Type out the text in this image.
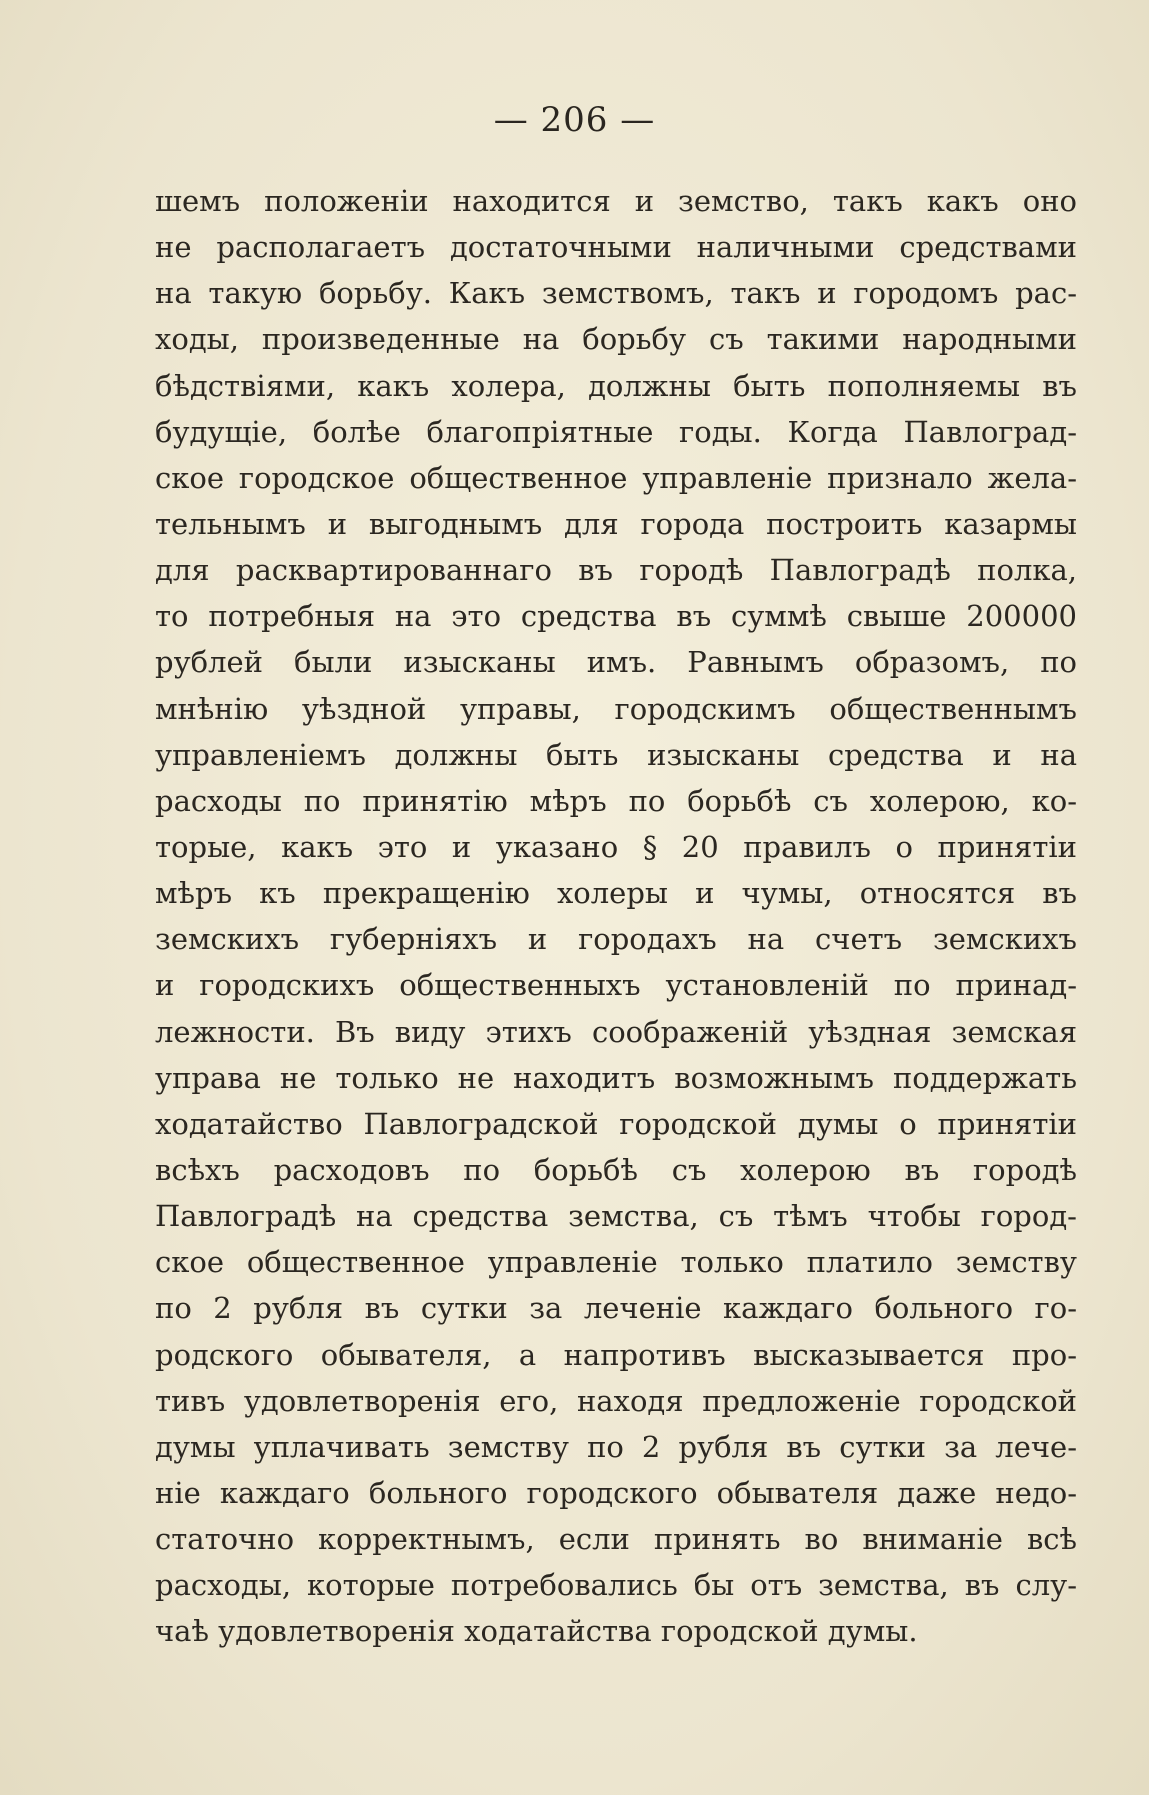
— 206 —
шемъ положенiи находится и земство, такъ какъ оно
не располагаетъ достаточными наличными средствами
на такую борьбу. Какъ земствомъ, такъ и городомъ рас-
ходы, произведенные на борьбу съ такими народными
бѣдствiями, какъ холера, должны быть пополняемы въ
будущiе, болѣе благопрiятные годы. Когда Павлоград-
ское городское общественное управленiе признало жела-
тельнымъ и выгоднымъ для города построить казармы
для расквартированнаго въ городѣ Павлоградѣ полка,
то потребныя на это средства въ суммѣ свыше 200000
рублей были изысканы имъ. Равнымъ образомъ, по
мнѣнiю уѣздной управы, городскимъ общественнымъ
управленiемъ должны быть изысканы средства и на
расходы по принятiю мѣръ по борьбѣ съ холерою, ко-
торые, какъ это и указано § 20 правилъ о принятiи
мѣръ къ прекращенiю холеры и чумы, относятся въ
земскихъ губернiяхъ и городахъ на счетъ земскихъ
и городскихъ общественныхъ установленiй по принад-
лежности. Въ виду этихъ соображенiй уѣздная земская
управа не только не находитъ возможнымъ поддержать
ходатайство Павлоградской городской думы о принятiи
всѣхъ расходовъ по борьбѣ съ холерою въ городѣ
Павлоградѣ на средства земства, съ тѣмъ чтобы город-
ское общественное управленiе только платило земству
по 2 рубля въ сутки за леченiе каждаго больного го-
родского обывателя, а напротивъ высказывается про-
тивъ удовлетворенiя его, находя предложенiе городской
думы уплачивать земству по 2 рубля въ сутки за лече-
нiе каждаго больного городского обывателя даже недо-
статочно корректнымъ, если принять во вниманiе всѣ
расходы, которые потребовались бы отъ земства, въ слу-
чаѣ удовлетворенiя ходатайства городской думы.
